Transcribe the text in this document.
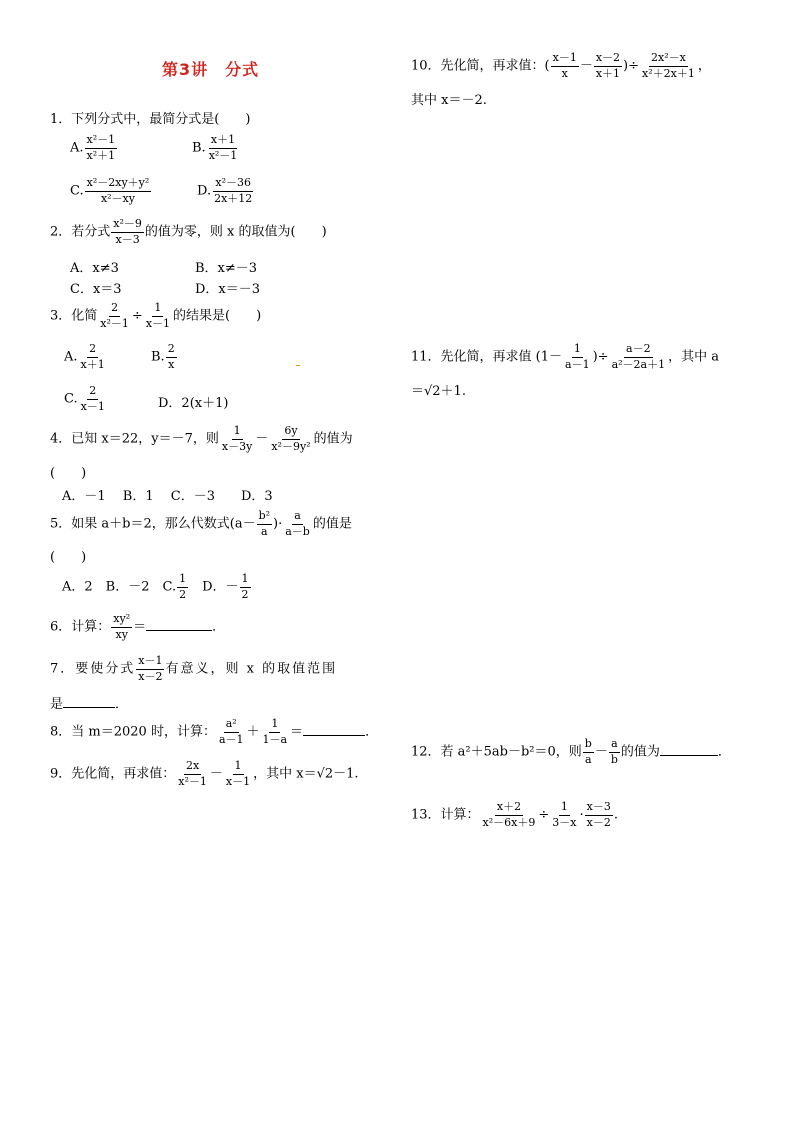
第3讲　分式
1．下列分式中，最简分式是(　　)
A. $\frac{\text{x²－1}}{\text{x²＋1}}$	B. $\frac{x+1}{\text{x²－1}}$
C. $\frac{\text{x²－2xy＋y²}}{\text{x²－xy}}$	D. $\frac{\text{x²－36}}{2x+12}$
2．若分式 $\frac{\text{x²－9}}{x-3}$ 的值为零，则 x 的取值为(　　)
A．x≠3	B．x≠－3
C．x＝3	D．x＝－3
3．化简 $\frac{2}{\text{x²－1}} \div \frac{1}{x-1}$ 的结果是(　　)
A. $\frac{2}{x+1}$	B. $\frac{2}{x}$
C. $\frac{2}{x-1}$	D．2(x＋1)
4．已知 x＝22，y＝－7，则 $\frac{1}{x-3y} - \frac{6y}{\text{x²－9y²}}$ 的值为
(　　)
A．－1　 B．1　 C．－3　　D．3
5．如果 a＋b＝2，那么代数式($a- \frac{\text{b²}}{a}$ )· $\frac{a}{a-b}$ 的值是
(　　)
A．2　B．－2　C. $\frac{1}{2}$ 　D．－ $\frac{1}{2}$
6．计算： $\frac{\text{xy²}}{xy}$ ＝	．
7．要使分式 $\frac{x-1}{x-2}$ 有意义，则 x 的取值范围
是	．
8．当 m＝2020 时，计算： $\frac{\text{a²}}{a-1} + \frac{1}{1-a}$ ＝	．
9．先化简，再求值： $\frac{2x}{\text{x²－1}} - \frac{1}{x-1}$ ，其中 x＝√2－1.
10．先化简，再求值：( $\frac{x-1}{x} - \frac{x-2}{x+1}$ )÷ $\frac{\text{2x²－x}}{\text{x²＋2x＋1}}$ ，
其中 x＝－2.
11．先化简，再求值 ($1- \frac{1}{a-1}$ )÷ $\frac{a-2}{\text{a²－2a＋1}}$ ，其中 a
＝√2＋1.
12．若 a²＋5ab－b²＝0，则 $\frac{b}{a} - \frac{a}{b}$ 的值为	．
13．计算： $\frac{x+2}{\text{x²－6x＋9}} \div \frac{1}{3-x} \cdot \frac{x-3}{x-2}$ .
